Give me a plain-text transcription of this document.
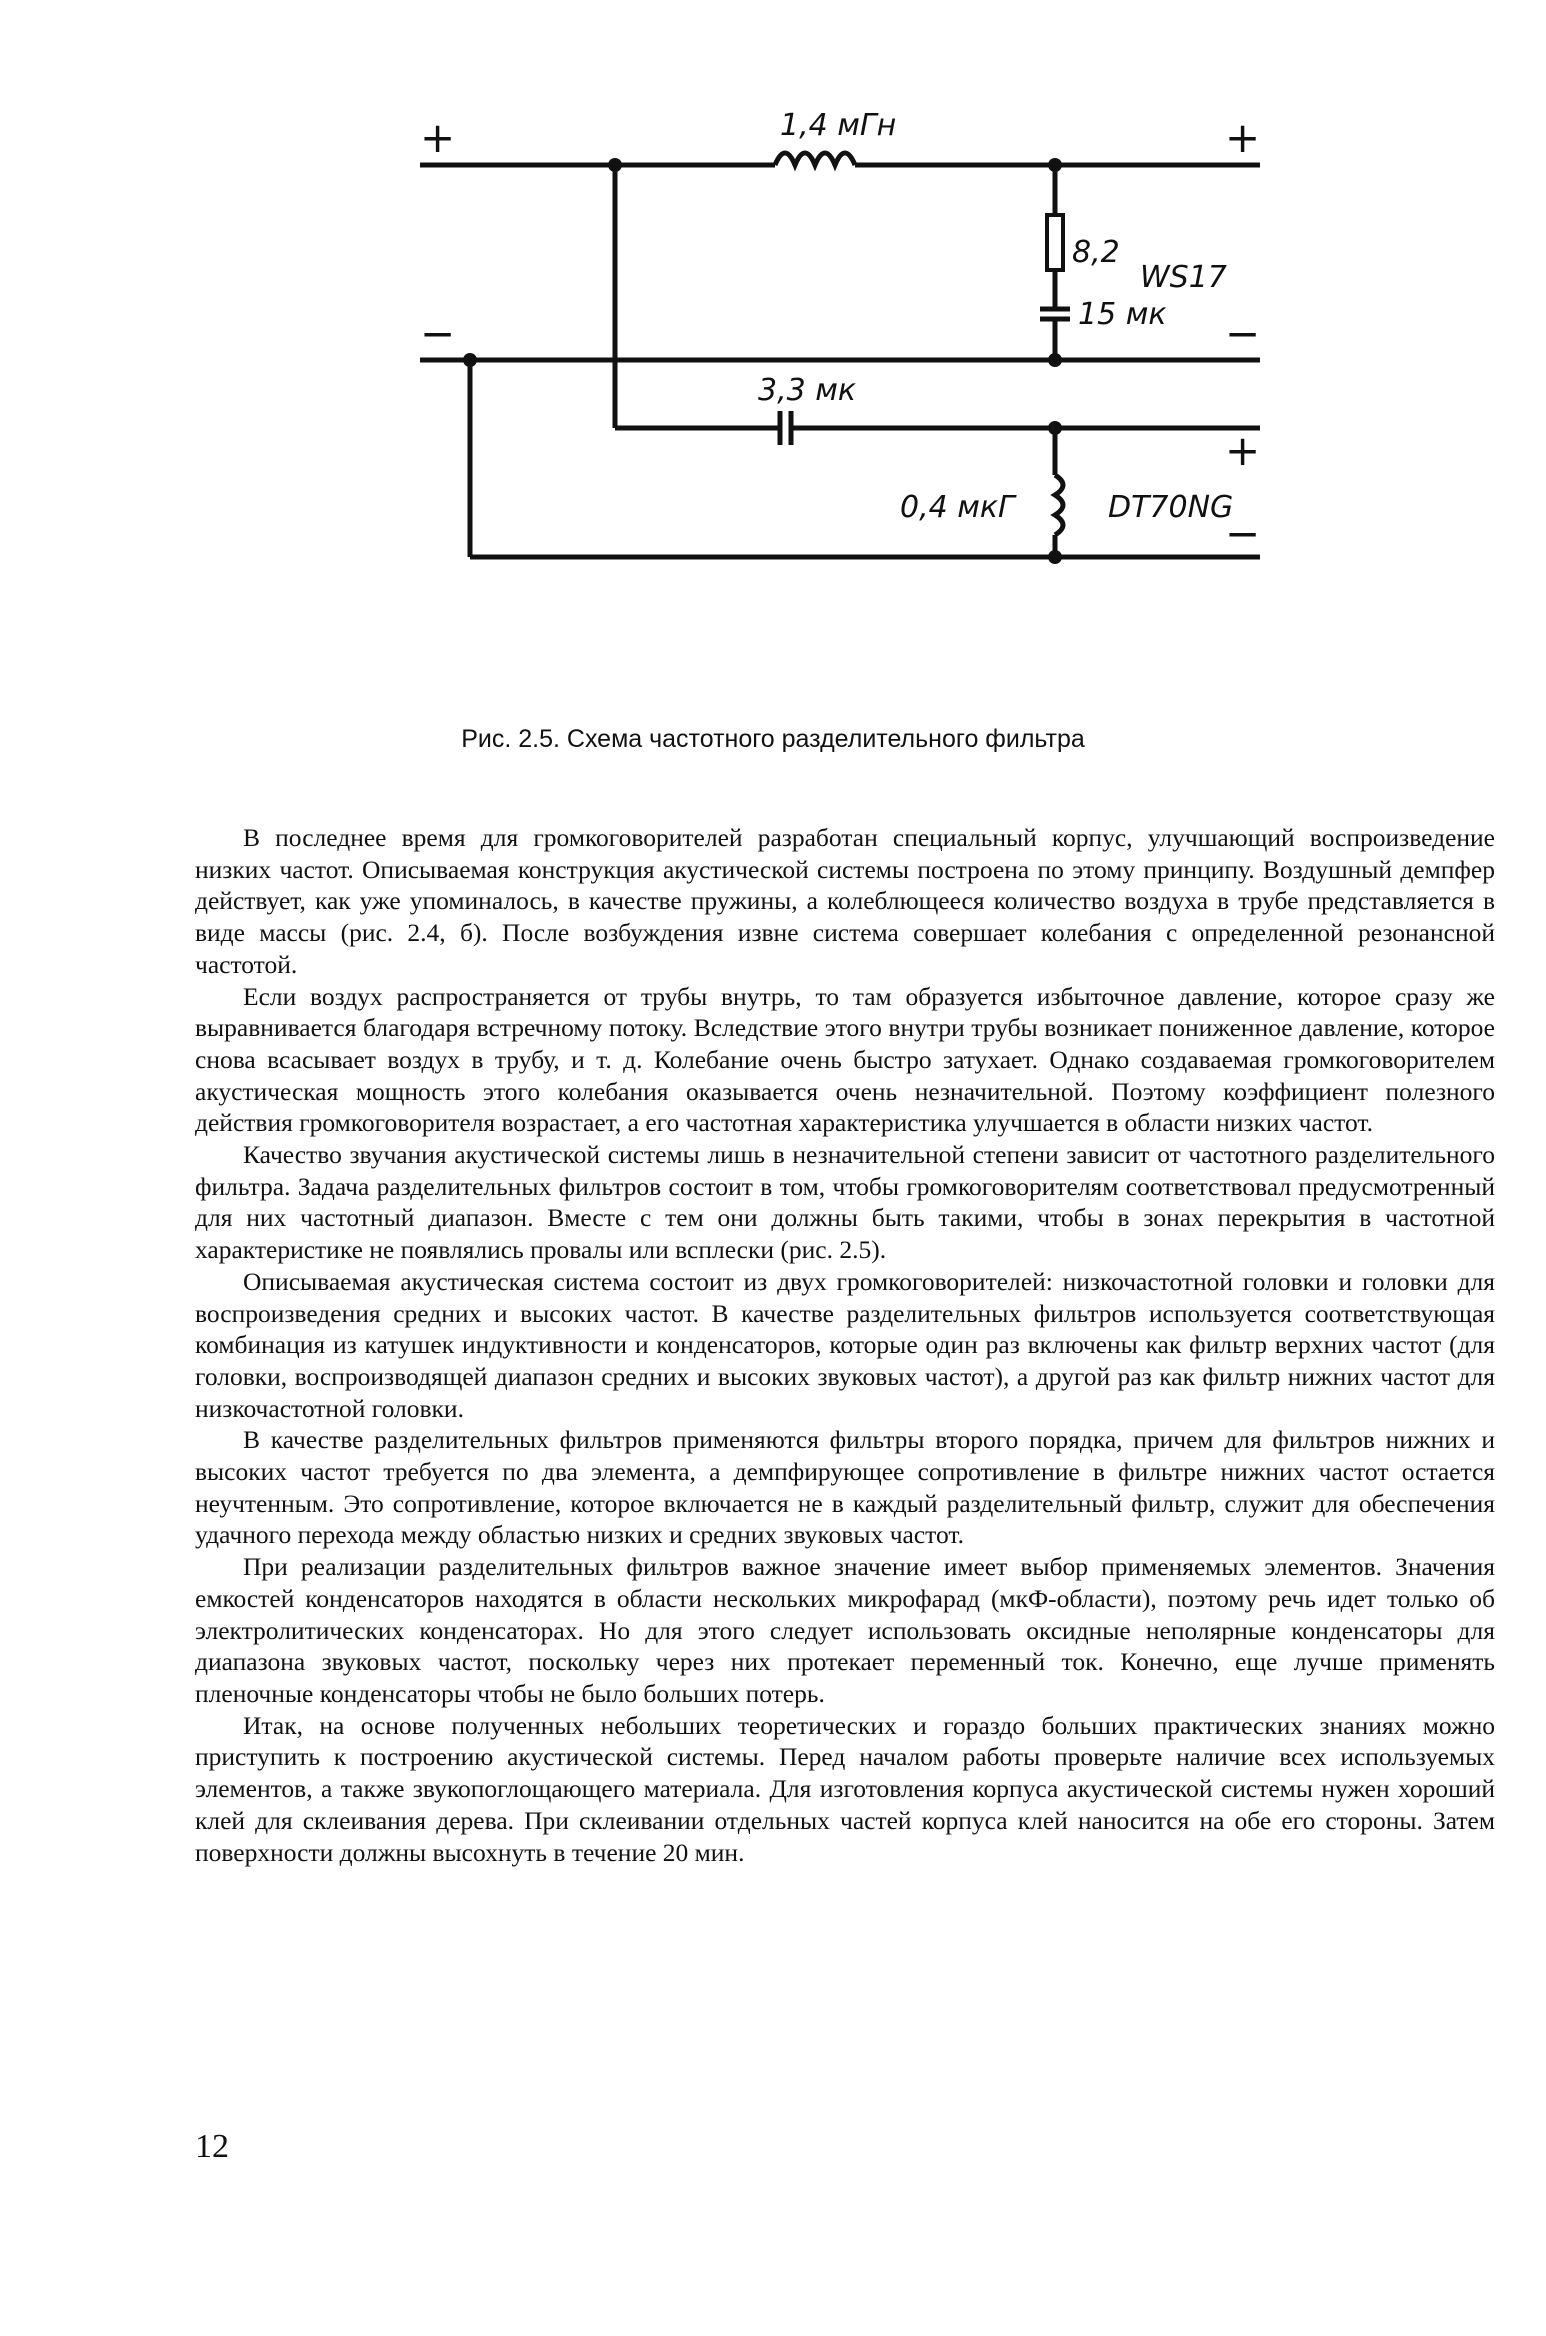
1,4 мГн
8,2
15 мк
WS17
3,3 мк
0,4 мкГ	DT70NG
+
−
+
−
+
−
Рис. 2.5. Схема частотного разделительного фильтра

В последнее время для громкоговорителей разработан специальный корпус, улучшающий воспроизведение низких частот. Описываемая конструкция акустической системы построена по этому принципу. Воздушный демпфер действует, как уже упоминалось, в качестве пружины, а колеблющееся количество воздуха в трубе представляется в виде массы (рис. 2.4, б). После возбуждения извне система совершает колебания с определенной резонансной частотой.

Если воздух распространяется от трубы внутрь, то там образуется избыточное давление, которое сразу же выравнивается благодаря встречному потоку. Вследствие этого внутри трубы возникает пониженное давление, которое снова всасывает воздух в трубу, и т. д. Колебание очень быстро затухает. Однако создаваемая громкоговорителем акустическая мощность этого колебания оказывается очень незначительной. Поэтому коэффициент полезного действия громкоговорителя возрастает, а его частотная характеристика улучшается в области низких частот.

Качество звучания акустической системы лишь в незначительной степени зависит от частотного разделительного фильтра. Задача разделительных фильтров состоит в том, чтобы громкоговорителям соответствовал предусмотренный для них частотный диапазон. Вместе с тем они должны быть такими, чтобы в зонах перекрытия в частотной характеристике не появлялись провалы или всплески (рис. 2.5).

Описываемая акустическая система состоит из двух громкоговорителей: низкочастотной головки и головки для воспроизведения средних и высоких частот. В качестве разделительных фильтров используется соответствующая комбинация из катушек индуктивности и конденсаторов, которые один раз включены как фильтр верхних частот (для головки, воспроизводящей диапазон средних и высоких звуковых частот), а другой раз как фильтр нижних частот для низкочастотной головки.

В качестве разделительных фильтров применяются фильтры второго порядка, причем для фильтров нижних и высоких частот требуется по два элемента, а демпфирующее сопротивление в фильтре нижних частот остается неучтенным. Это сопротивление, которое включается не в каждый разделительный фильтр, служит для обеспечения удачного перехода между областью низких и средних звуковых частот.

При реализации разделительных фильтров важное значение имеет выбор применяемых элементов. Значения емкостей конденсаторов находятся в области нескольких микрофарад (мкФ-области), поэтому речь идет только об электролитических конденсаторах. Но для этого следует использовать оксидные неполярные конденсаторы для диапазона звуковых частот, поскольку через них протекает переменный ток. Конечно, еще лучше применять пленочные конденсаторы чтобы не было больших потерь.

Итак, на основе полученных небольших теоретических и гораздо больших практических знаниях можно приступить к построению акустической системы. Перед началом работы проверьте наличие всех используемых элементов, а также звукопоглощающего материала. Для изготовления корпуса акустической системы нужен хороший клей для склеивания дерева. При склеивании отдельных частей корпуса клей наносится на обе его стороны. Затем поверхности должны высохнуть в течение 20 мин.

12
